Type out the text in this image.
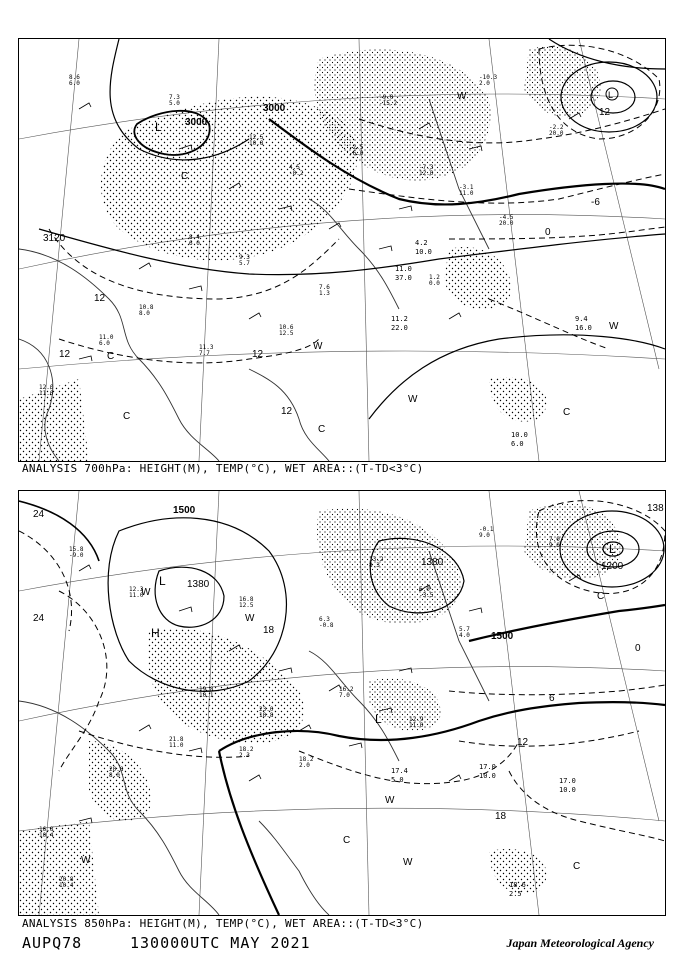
8.6
6.0
7.3
5.0
12.5
10.8
4.5
-0.2
-2.5
-6.0
-9.0
-15.2
-7.3
12.0
-3.1
11.0
8.4
6.0
9.3
5.7
7.6
1.3
10.8
8.0
11.0
6.0
10.6
12.5
12.0
11.0
11.3
7.7
1.2
0.0
-10.3
2.0
-2.2
20.0
-4.5
20.0
3000
3000
3120
12
12	12
12
-6
0
12
L
L
C
C
C
C
W
W
W
W
C
11.2
22.0
9.4
16.0
10.0
6.0
11.0
37.0
4.2
10.0
ANALYSIS 700hPa: HEIGHT(M), TEMP(°C), WET AREA::(T-TD<3°C)
15.8
-9.0
12.3
11.0
16.8
12.5
6.3
-0.8
13.2
8.3
6.0
-3.5
5.7
4.0
19.8
10.1
23.0
10.8
16.2
7.0
21.8
11.0
20.8
8.0
18.2
2.3
18.2
2.0
16.8
10.4
20.8
10.4
12.9
11.0
-0.1
9.0
7.0
9.0
1500
1380
1500
1380
24
24
18
18
12
6
0
138
1200
L
L
L
H
W
W
W
W
C
C
C
W
17.4
5.0
17.0
10.0
18.6
2.5
17.0
10.0
ANALYSIS 850hPa: HEIGHT(M), TEMP(°C), WET AREA::(T-TD<3°C)
AUPQ78	130000UTC MAY 2021	Japan Meteorological Agency
